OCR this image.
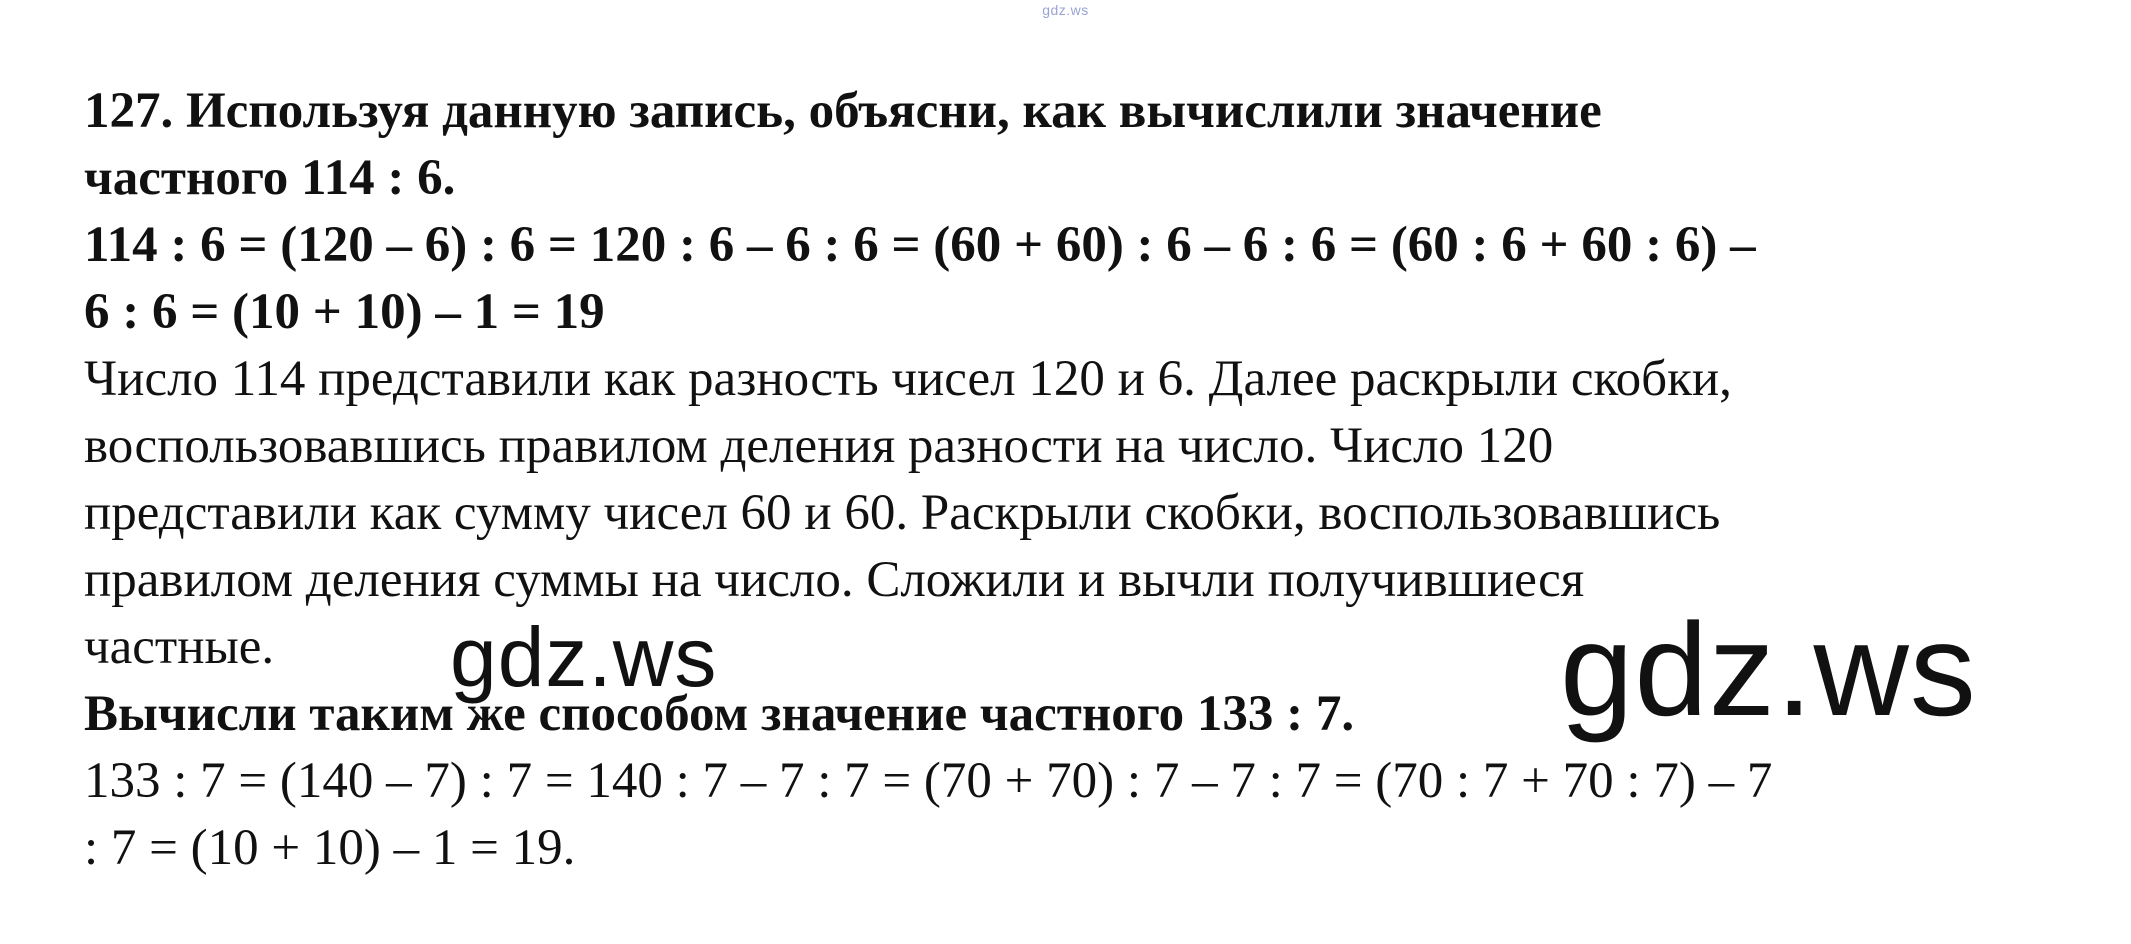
gdz.ws
127. Используя данную запись, объясни, как вычислили значение
частного 114 : 6.
114 : 6 = (120 – 6) : 6 = 120 : 6 – 6 : 6 = (60 + 60) : 6 – 6 : 6 = (60 : 6 + 60 : 6) –
6 : 6 = (10 + 10) – 1 = 19
Число 114 представили как разность чисел 120 и 6. Далее раскрыли скобки,
воспользовавшись правилом деления разности на число. Число 120
представили как сумму чисел 60 и 60. Раскрыли скобки, воспользовавшись
правилом деления суммы на число. Сложили и вычли получившиеся
частные.
Вычисли таким же способом значение частного 133 : 7.
133 : 7 = (140 – 7) : 7 = 140 : 7 – 7 : 7 = (70 + 70) : 7 – 7 : 7 = (70 : 7 + 70 : 7) – 7
: 7 = (10 + 10) – 1 = 19.
gdz.ws	gdz.ws
